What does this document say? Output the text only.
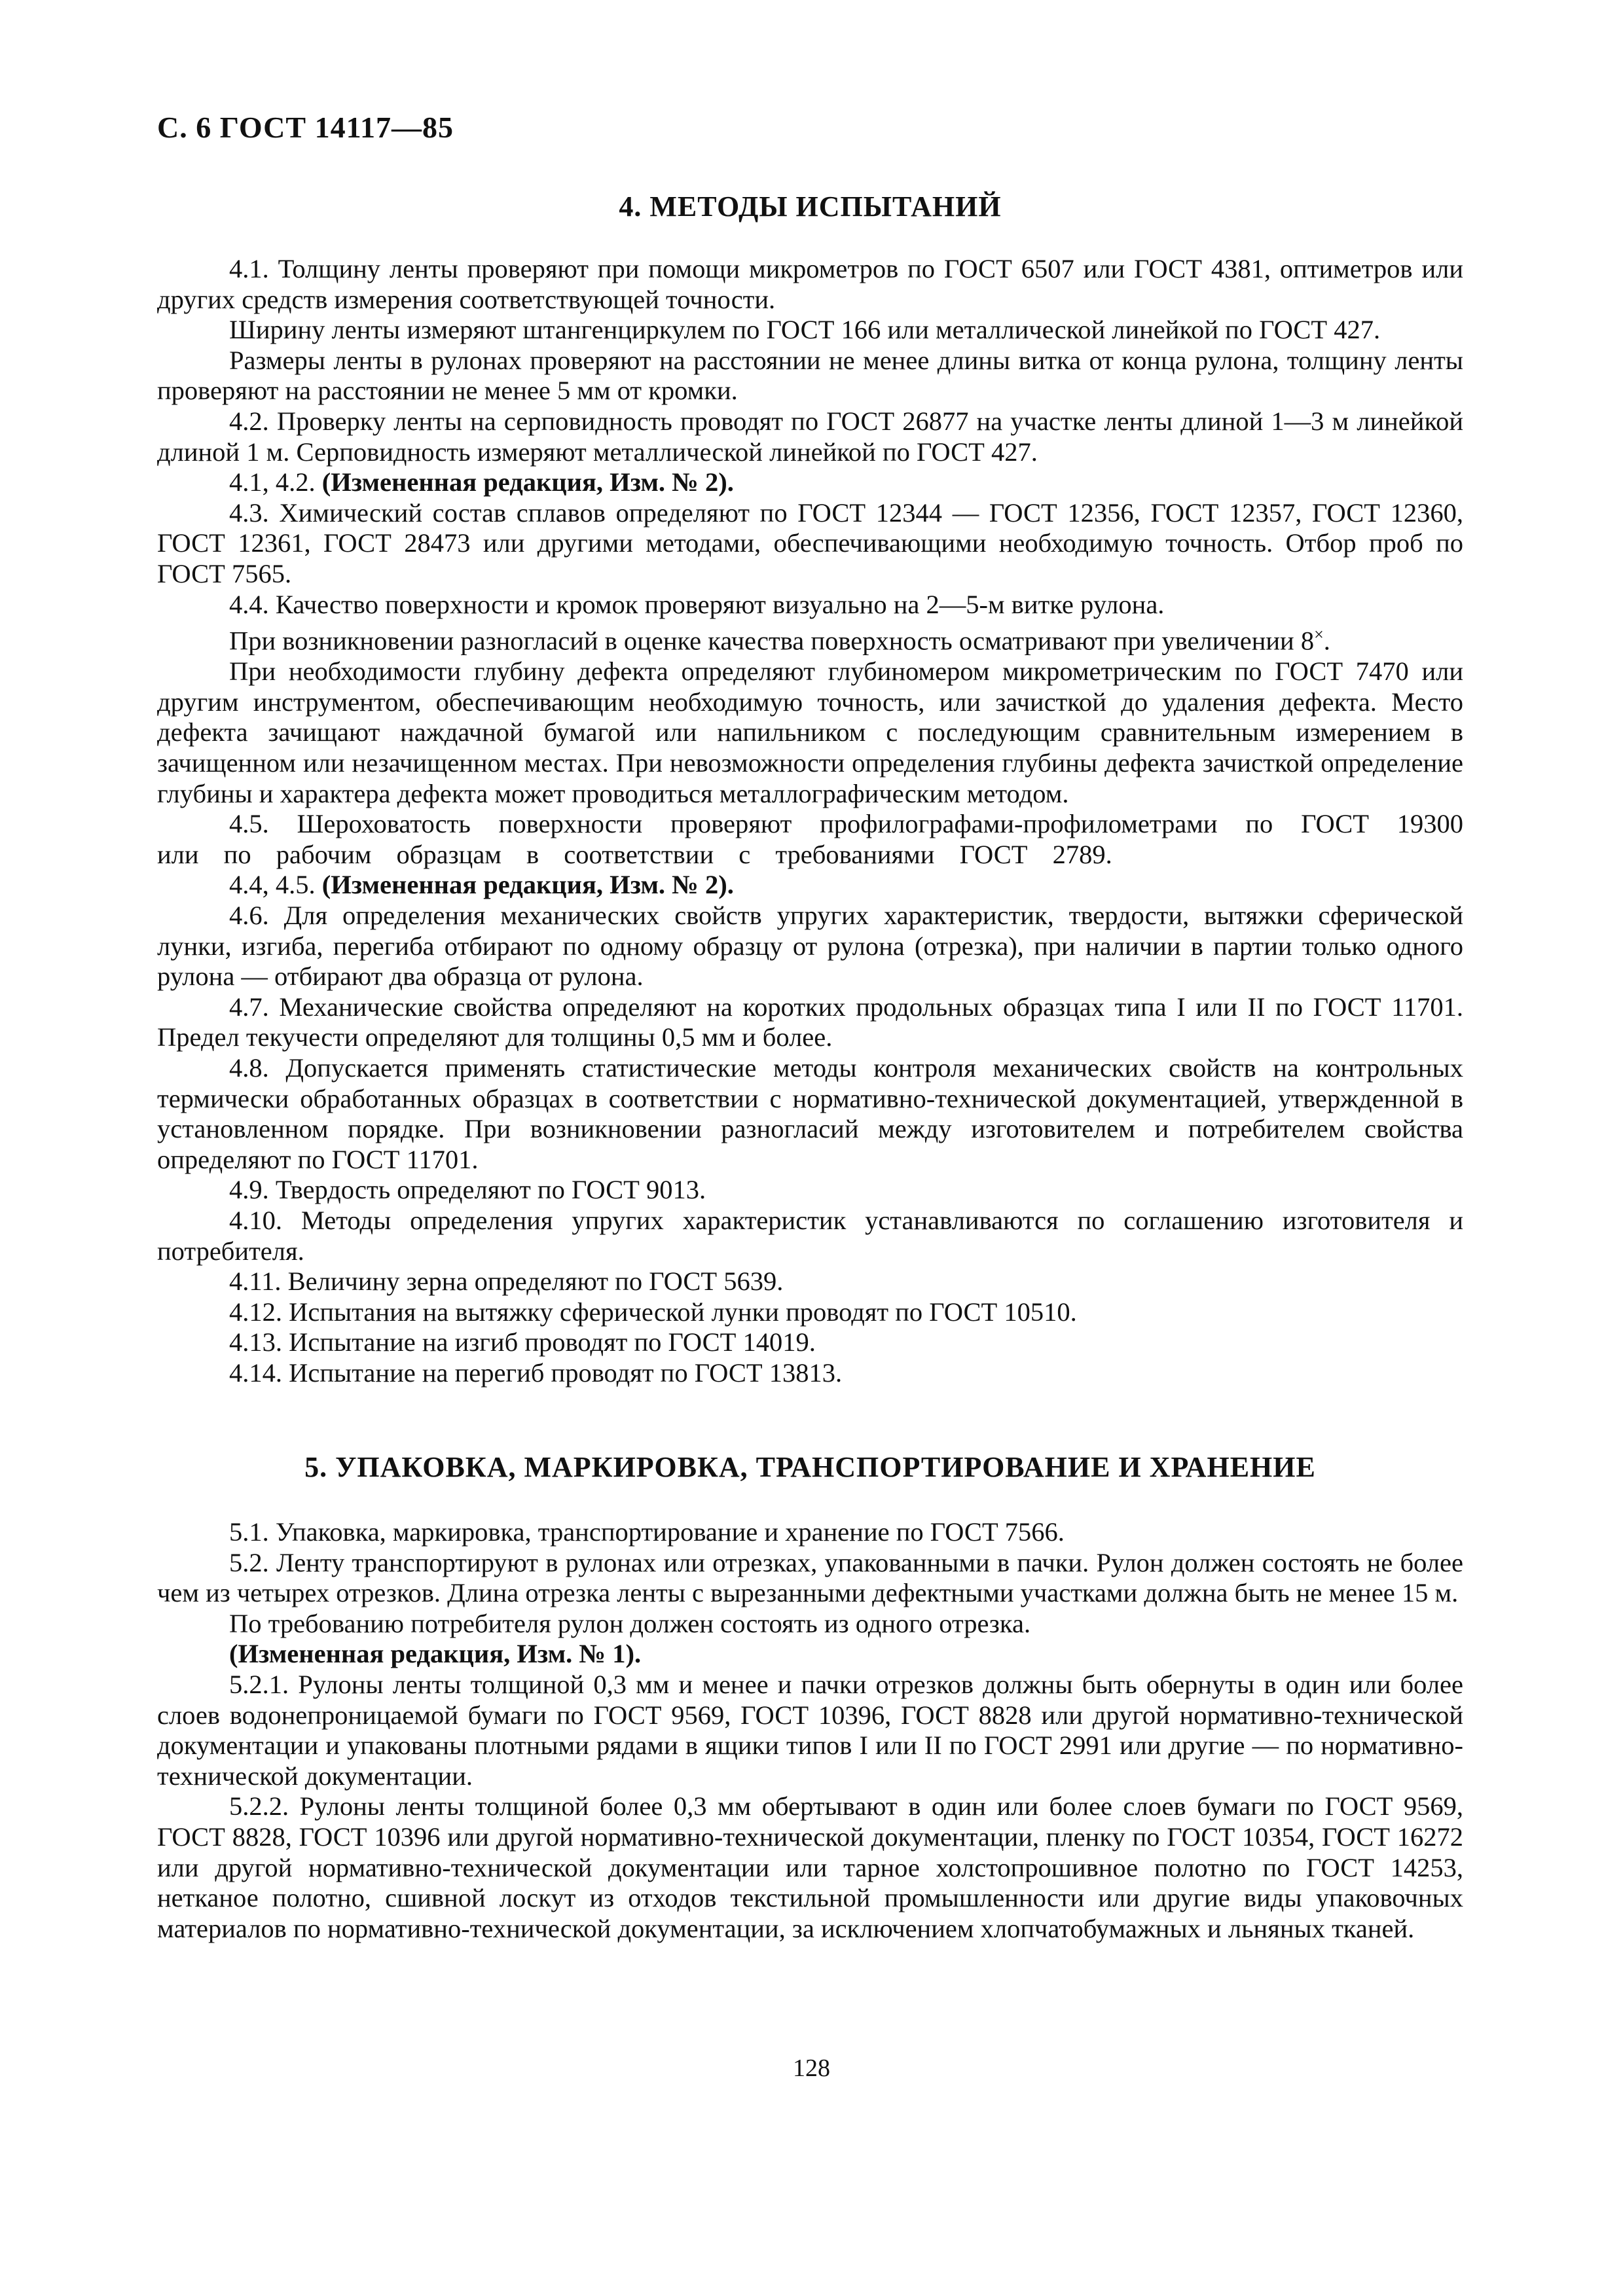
С. 6 ГОСТ 14117—85
4. МЕТОДЫ ИСПЫТАНИЙ

4.1. Толщину ленты проверяют при помощи микрометров по ГОСТ 6507 или ГОСТ 4381, оптиметров или других средств измерения соответствующей точности.

Ширину ленты измеряют штангенциркулем по ГОСТ 166 или металлической линейкой по ГОСТ 427.

Размеры ленты в рулонах проверяют на расстоянии не менее длины витка от конца рулона, толщину ленты проверяют на расстоянии не менее 5 мм от кромки.

4.2. Проверку ленты на серповидность проводят по ГОСТ 26877 на участке ленты длиной 1—3 м линейкой длиной 1 м. Серповидность измеряют металлической линейкой по ГОСТ 427.

4.1, 4.2. (Измененная редакция, Изм. № 2).

4.3. Химический состав сплавов определяют по ГОСТ 12344 — ГОСТ 12356, ГОСТ 12357, ГОСТ 12360, ГОСТ 12361, ГОСТ 28473 или другими методами, обеспечивающими необходимую точность. Отбор проб по ГОСТ 7565.

4.4. Качество поверхности и кромок проверяют визуально на 2—5-м витке рулона.

При возникновении разногласий в оценке качества поверхность осматривают при увеличении 8×.

При необходимости глубину дефекта определяют глубиномером микрометрическим по ГОСТ 7470 или другим инструментом, обеспечивающим необходимую точность, или зачисткой до удаления дефекта. Место дефекта зачищают наждачной бумагой или напильником с последующим сравнительным измерением в зачищенном или незачищенном местах. При невозможности определения глубины дефекта зачисткой определение глубины и характера дефекта может проводиться металлографическим методом.

4.5. Шероховатость поверхности проверяют профилографами-профилометрами по ГОСТ 19300 или по рабочим образцам в соответствии с требованиями ГОСТ 2789.

4.4, 4.5. (Измененная редакция, Изм. № 2).

4.6. Для определения механических свойств упругих характеристик, твердости, вытяжки сферической лунки, изгиба, перегиба отбирают по одному образцу от рулона (отрезка), при наличии в партии только одного рулона — отбирают два образца от рулона.

4.7. Механические свойства определяют на коротких продольных образцах типа I или II по ГОСТ 11701. Предел текучести определяют для толщины 0,5 мм и более.

4.8. Допускается применять статистические методы контроля механических свойств на контрольных термически обработанных образцах в соответствии с нормативно-технической документацией, утвержденной в установленном порядке. При возникновении разногласий между изготовителем и потребителем свойства определяют по ГОСТ 11701.

4.9. Твердость определяют по ГОСТ 9013.

4.10. Методы определения упругих характеристик устанавливаются по соглашению изготовителя и потребителя.

4.11. Величину зерна определяют по ГОСТ 5639.

4.12. Испытания на вытяжку сферической лунки проводят по ГОСТ 10510.

4.13. Испытание на изгиб проводят по ГОСТ 14019.

4.14. Испытание на перегиб проводят по ГОСТ 13813.

5. УПАКОВКА, МАРКИРОВКА, ТРАНСПОРТИРОВАНИЕ И ХРАНЕНИЕ

5.1. Упаковка, маркировка, транспортирование и хранение по ГОСТ 7566.

5.2. Ленту транспортируют в рулонах или отрезках, упакованными в пачки. Рулон должен состоять не более чем из четырех отрезков. Длина отрезка ленты с вырезанными дефектными участками должна быть не менее 15 м.

По требованию потребителя рулон должен состоять из одного отрезка.

(Измененная редакция, Изм. № 1).

5.2.1. Рулоны ленты толщиной 0,3 мм и менее и пачки отрезков должны быть обернуты в один или более слоев водонепроницаемой бумаги по ГОСТ 9569, ГОСТ 10396, ГОСТ 8828 или другой нормативно-технической документации и упакованы плотными рядами в ящики типов I или II по ГОСТ 2991 или другие — по нормативно-технической документации.

5.2.2. Рулоны ленты толщиной более 0,3 мм обертывают в один или более слоев бумаги по ГОСТ 9569, ГОСТ 8828, ГОСТ 10396 или другой нормативно-технической документации, пленку по ГОСТ 10354, ГОСТ 16272 или другой нормативно-технической документации или тарное холстопрошивное полотно по ГОСТ 14253, нетканое полотно, сшивной лоскут из отходов текстильной промышленности или другие виды упаковочных материалов по нормативно-технической документации, за исключением хлопчатобумажных и льняных тканей.

128
